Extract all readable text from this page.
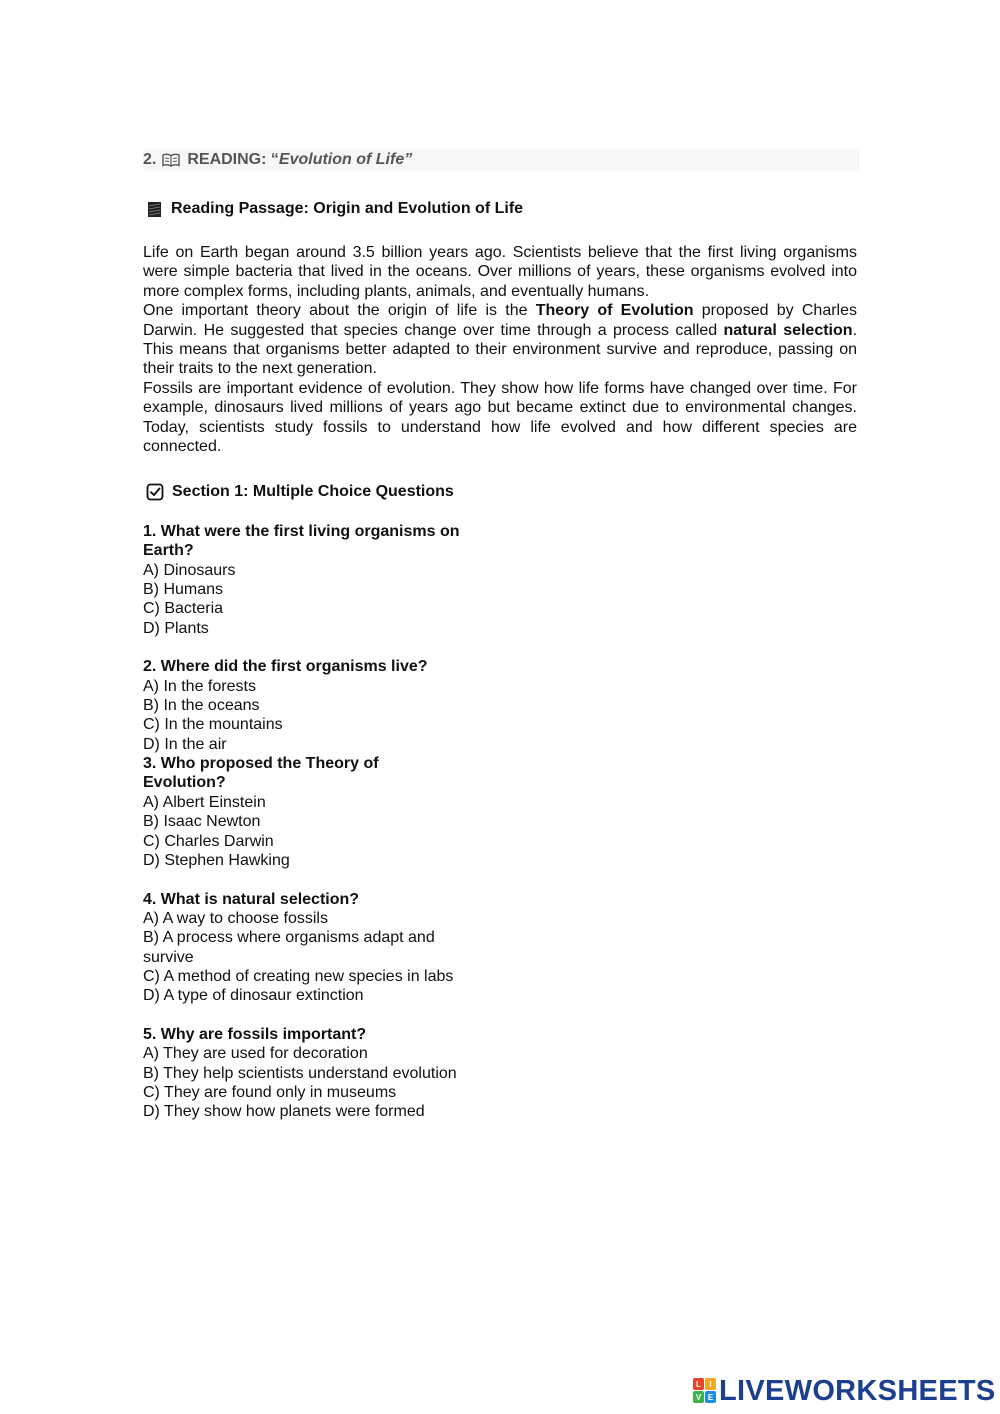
2. READING: “ Evolution of Life”
Reading Passage: Origin and Evolution of Life

Life on Earth began around 3.5 billion years ago. Scientists believe that the first living organisms were simple bacteria that lived in the oceans. Over millions of years, these organisms evolved into more complex forms, including plants, animals, and eventually humans.

One important theory about the origin of life is the Theory of Evolution proposed by Charles Darwin. He suggested that species change over time through a process called natural selection. This means that organisms better adapted to their environment survive and reproduce, passing on their traits to the next generation.

Fossils are important evidence of evolution. They show how life forms have changed over time. For example, dinosaurs lived millions of years ago but became extinct due to environmental changes. Today, scientists study fossils to understand how life evolved and how different species are connected.

Section 1: Multiple Choice Questions
1. What were the first living organisms on Earth?
A) Dinosaurs
B) Humans
C) Bacteria
D) Plants
2. Where did the first organisms live?
A) In the forests
B) In the oceans
C) In the mountains
D) In the air
3. Who proposed the Theory of Evolution?
A) Albert Einstein
B) Isaac Newton
C) Charles Darwin
D) Stephen Hawking
4. What is natural selection?
A) A way to choose fossils
B) A process where organisms adapt and survive
C) A method of creating new species in labs
D) A type of dinosaur extinction
5. Why are fossils important?
A) They are used for decoration
B) They help scientists understand evolution
C) They are found only in museums
D) They show how planets were formed
L I
V E LIVEWORKSHEETS
